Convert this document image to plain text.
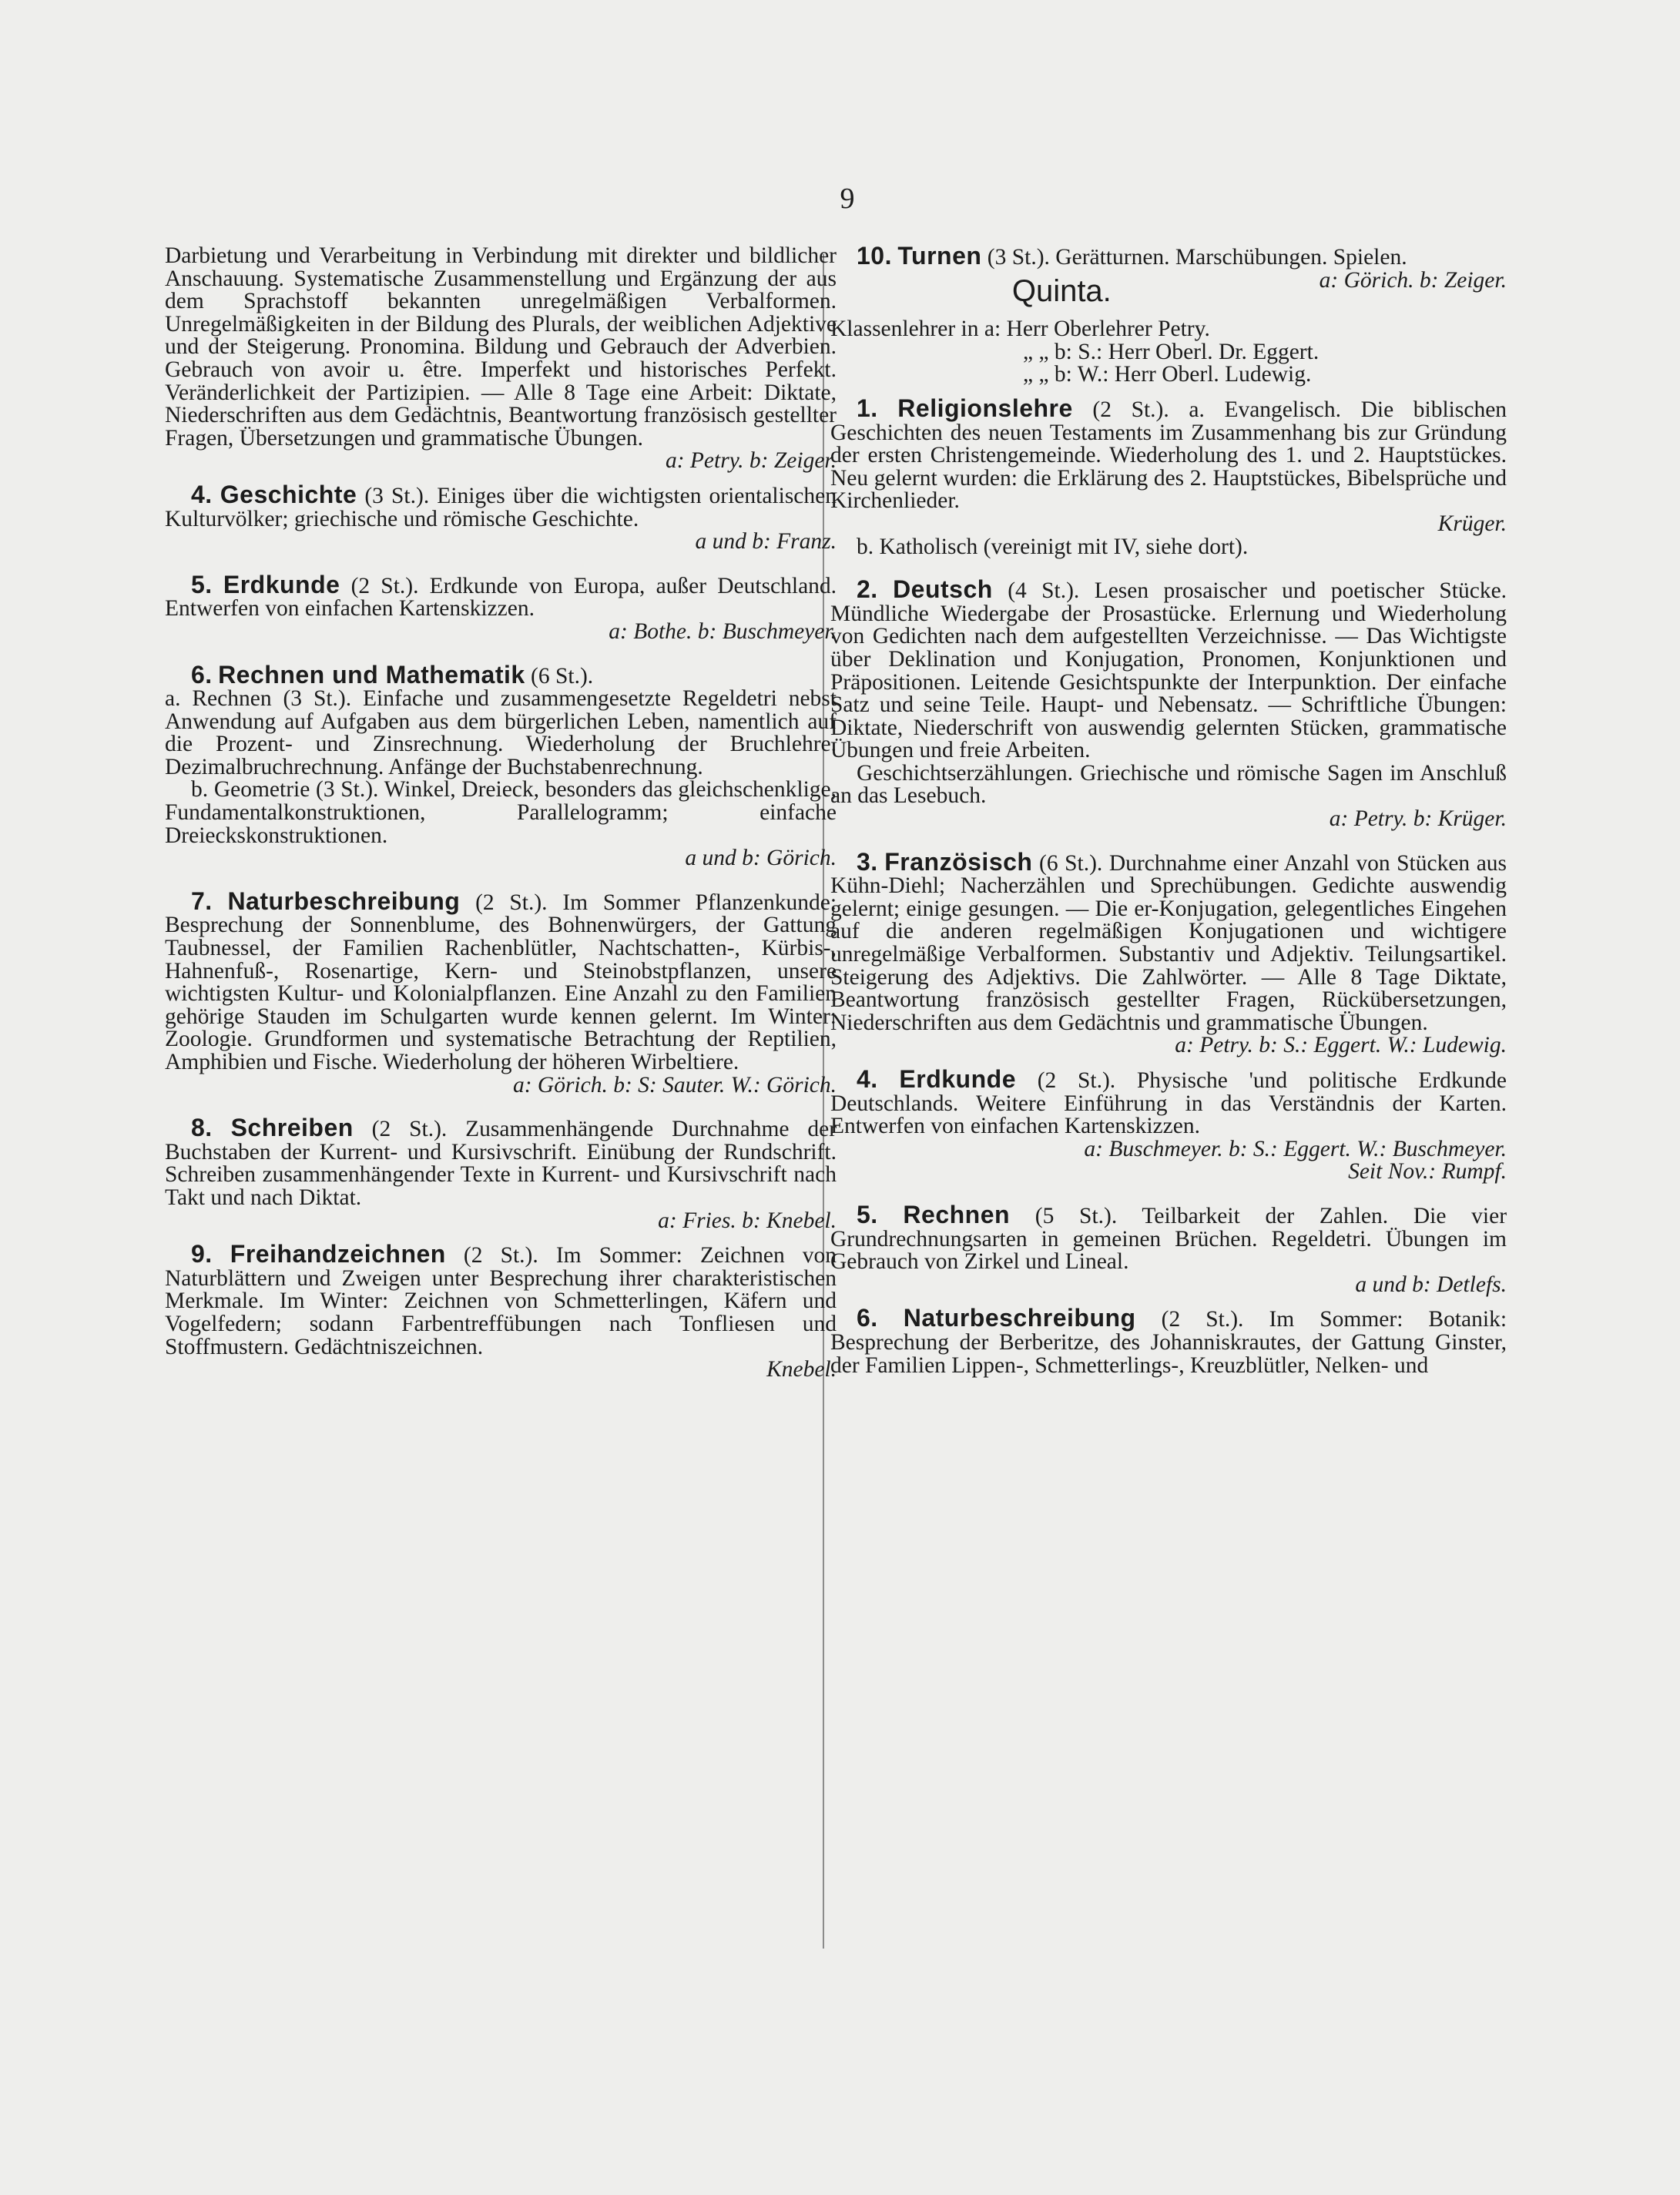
9

Darbietung und Verarbeitung in Verbindung mit direkter und bildlicher Anschauung. Systematische Zusammenstellung und Ergänzung der aus dem Sprachstoff bekannten unregelmäßigen Verbalformen. Unregelmäßigkeiten in der Bildung des Plurals, der weiblichen Adjektive und der Steigerung. Pronomina. Bildung und Gebrauch der Adverbien. Gebrauch von avoir u. être. Imperfekt und historisches Perfekt. Veränderlichkeit der Partizipien. — Alle 8 Tage eine Arbeit: Diktate, Niederschriften aus dem Gedächtnis, Beantwortung französisch gestellter Fragen, Übersetzungen und grammatische Übungen.

a: Petry. b: Zeiger.

4. Geschichte (3 St.). Einiges über die wichtigsten orientalischen Kulturvölker; griechische und römische Geschichte.

a und b: Franz.

5. Erdkunde (2 St.). Erdkunde von Europa, außer Deutschland. Entwerfen von einfachen Kartenskizzen.

a: Bothe. b: Buschmeyer.

6. Rechnen und Mathematik (6 St.).

a. Rechnen (3 St.). Einfache und zusammengesetzte Regeldetri nebst Anwendung auf Aufgaben aus dem bürgerlichen Leben, namentlich auf die Prozent- und Zinsrechnung. Wiederholung der Bruchlehre. Dezimalbruchrechnung. Anfänge der Buchstabenrechnung.

b. Geometrie (3 St.). Winkel, Dreieck, besonders das gleichschenklige, Fundamentalkonstruktionen, Parallelogramm; einfache Dreieckskonstruktionen.

a und b: Görich.

7. Naturbeschreibung (2 St.). Im Sommer Pflanzenkunde: Besprechung der Sonnenblume, des Bohnenwürgers, der Gattung Taubnessel, der Familien Rachenblütler, Nachtschatten-, Kürbis-, Hahnenfuß-, Rosenartige, Kern- und Steinobstpflanzen, unsere wichtigsten Kultur- und Kolonialpflanzen. Eine Anzahl zu den Familien gehörige Stauden im Schulgarten wurde kennen gelernt. Im Winter: Zoologie. Grundformen und systematische Betrachtung der Reptilien, Amphibien und Fische. Wiederholung der höheren Wirbeltiere.

a: Görich. b: S: Sauter. W.: Görich.

8. Schreiben (2 St.). Zusammenhängende Durchnahme der Buchstaben der Kurrent- und Kursivschrift. Einübung der Rundschrift. Schreiben zusammenhängender Texte in Kurrent- und Kursivschrift nach Takt und nach Diktat.

a: Fries. b: Knebel.

9. Freihandzeichnen (2 St.). Im Sommer: Zeichnen von Naturblättern und Zweigen unter Besprechung ihrer charakteristischen Merkmale. Im Winter: Zeichnen von Schmetterlingen, Käfern und Vogelfedern; sodann Farbentreffübungen nach Tonfliesen und Stoffmustern. Gedächtniszeichnen.

Knebel.

10. Turnen (3 St.). Gerätturnen. Marschübungen. Spielen.
a: Görich. b: Zeiger.

Quinta.

Klassenlehrer in a: Herr Oberlehrer Petry.

„ „ b: S.: Herr Oberl. Dr. Eggert.

„ „ b: W.: Herr Oberl. Ludewig.

1. Religionslehre (2 St.). a. Evangelisch. Die biblischen Geschichten des neuen Testaments im Zusammenhang bis zur Gründung der ersten Christengemeinde. Wiederholung des 1. und 2. Hauptstückes. Neu gelernt wurden: die Erklärung des 2. Hauptstückes, Bibelsprüche und Kirchenlieder.

Krüger.

b. Katholisch (vereinigt mit IV, siehe dort).

2. Deutsch (4 St.). Lesen prosaischer und poetischer Stücke. Mündliche Wiedergabe der Prosastücke. Erlernung und Wiederholung von Gedichten nach dem aufgestellten Verzeichnisse. — Das Wichtigste über Deklination und Konjugation, Pronomen, Konjunktionen und Präpositionen. Leitende Gesichtspunkte der Interpunktion. Der einfache Satz und seine Teile. Haupt- und Nebensatz. — Schriftliche Übungen: Diktate, Niederschrift von auswendig gelernten Stücken, grammatische Übungen und freie Arbeiten.

Geschichtserzählungen. Griechische und römische Sagen im Anschluß an das Lesebuch.

a: Petry. b: Krüger.

3. Französisch (6 St.). Durchnahme einer Anzahl von Stücken aus Kühn-Diehl; Nacherzählen und Sprechübungen. Gedichte auswendig gelernt; einige gesungen. — Die er-Konjugation, gelegentliches Eingehen auf die anderen regelmäßigen Konjugationen und wichtigere unregelmäßige Verbalformen. Substantiv und Adjektiv. Teilungsartikel. Steigerung des Adjektivs. Die Zahlwörter. — Alle 8 Tage Diktate, Beantwortung französisch gestellter Fragen, Rückübersetzungen, Niederschriften aus dem Gedächtnis und grammatische Übungen.

a: Petry. b: S.: Eggert. W.: Ludewig.

4. Erdkunde (2 St.). Physische 'und politische Erdkunde Deutschlands. Weitere Einführung in das Verständnis der Karten. Entwerfen von einfachen Kartenskizzen.

a: Buschmeyer. b: S.: Eggert. W.: Buschmeyer.

Seit Nov.: Rumpf.

5. Rechnen (5 St.). Teilbarkeit der Zahlen. Die vier Grundrechnungsarten in gemeinen Brüchen. Regeldetri. Übungen im Gebrauch von Zirkel und Lineal.

a und b: Detlefs.

6. Naturbeschreibung (2 St.). Im Sommer: Botanik: Besprechung der Berberitze, des Johanniskrautes, der Gattung Ginster, der Familien Lippen-, Schmetterlings-, Kreuzblütler, Nelken- und
